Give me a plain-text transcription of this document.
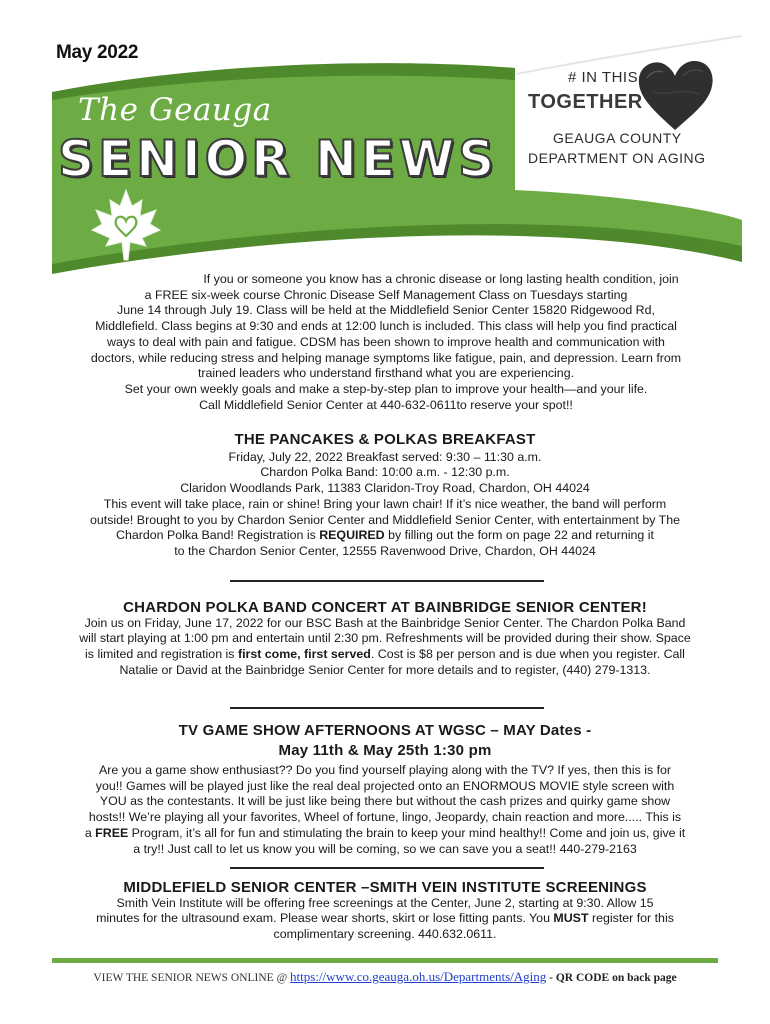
May 2022
The Geauga
SENIOR NEWS
# IN THIS
TOGETHER
GEAUGA COUNTY
DEPARTMENT ON AGING

If you or someone you know has a chronic disease or long lasting health condition, join

a FREE six-week course Chronic Disease Self Management Class on Tuesdays starting

June 14 through July 19. Class will be held at the Middlefield Senior Center 15820 Ridgewood Rd,

Middlefield. Class begins at 9:30 and ends at 12:00 lunch is included. This class will help you find practical

ways to deal with pain and fatigue. CDSM has been shown to improve health and communication with

doctors, while reducing stress and helping manage symptoms like fatigue, pain, and depression. Learn from

trained leaders who understand firsthand what you are experiencing.

Set your own weekly goals and make a step-by-step plan to improve your health—and your life.

Call Middlefield Senior Center at 440-632-0611to reserve your spot!!

THE PANCAKES & POLKAS BREAKFAST

Friday, July 22, 2022 Breakfast served: 9:30 – 11:30 a.m.

Chardon Polka Band: 10:00 a.m. - 12:30 p.m.

Claridon Woodlands Park, 11383 Claridon-Troy Road, Chardon, OH 44024

This event will take place, rain or shine! Bring your lawn chair! If it’s nice weather, the band will perform

outside! Brought to you by Chardon Senior Center and Middlefield Senior Center, with entertainment by The

Chardon Polka Band! Registration is REQUIRED by filling out the form on page 22 and returning it

to the Chardon Senior Center, 12555 Ravenwood Drive, Chardon, OH 44024

CHARDON POLKA BAND CONCERT AT BAINBRIDGE SENIOR CENTER!

Join us on Friday, June 17, 2022 for our BSC Bash at the Bainbridge Senior Center. The Chardon Polka Band

will start playing at 1:00 pm and entertain until 2:30 pm. Refreshments will be provided during their show. Space

is limited and registration is first come, first served. Cost is $8 per person and is due when you register. Call

Natalie or David at the Bainbridge Senior Center for more details and to register, (440) 279-1313.

TV GAME SHOW AFTERNOONS AT WGSC – MAY Dates -
May 11th & May 25th 1:30 pm

Are you a game show enthusiast?? Do you find yourself playing along with the TV? If yes, then this is for

you!! Games will be played just like the real deal projected onto an ENORMOUS MOVIE style screen with

YOU as the contestants. It will be just like being there but without the cash prizes and quirky game show

hosts!! We’re playing all your favorites, Wheel of fortune, lingo, Jeopardy, chain reaction and more..... This is

a FREE Program, it’s all for fun and stimulating the brain to keep your mind healthy!! Come and join us, give it

a try!! Just call to let us know you will be coming, so we can save you a seat!! 440-279-2163

MIDDLEFIELD SENIOR CENTER –SMITH VEIN INSTITUTE SCREENINGS

Smith Vein Institute will be offering free screenings at the Center, June 2, starting at 9:30. Allow 15

minutes for the ultrasound exam. Please wear shorts, skirt or lose fitting pants. You MUST register for this

complimentary screening. 440.632.0611.

VIEW THE SENIOR NEWS ONLINE @ https://www.co.geauga.oh.us/Departments/Aging - QR CODE on back page
